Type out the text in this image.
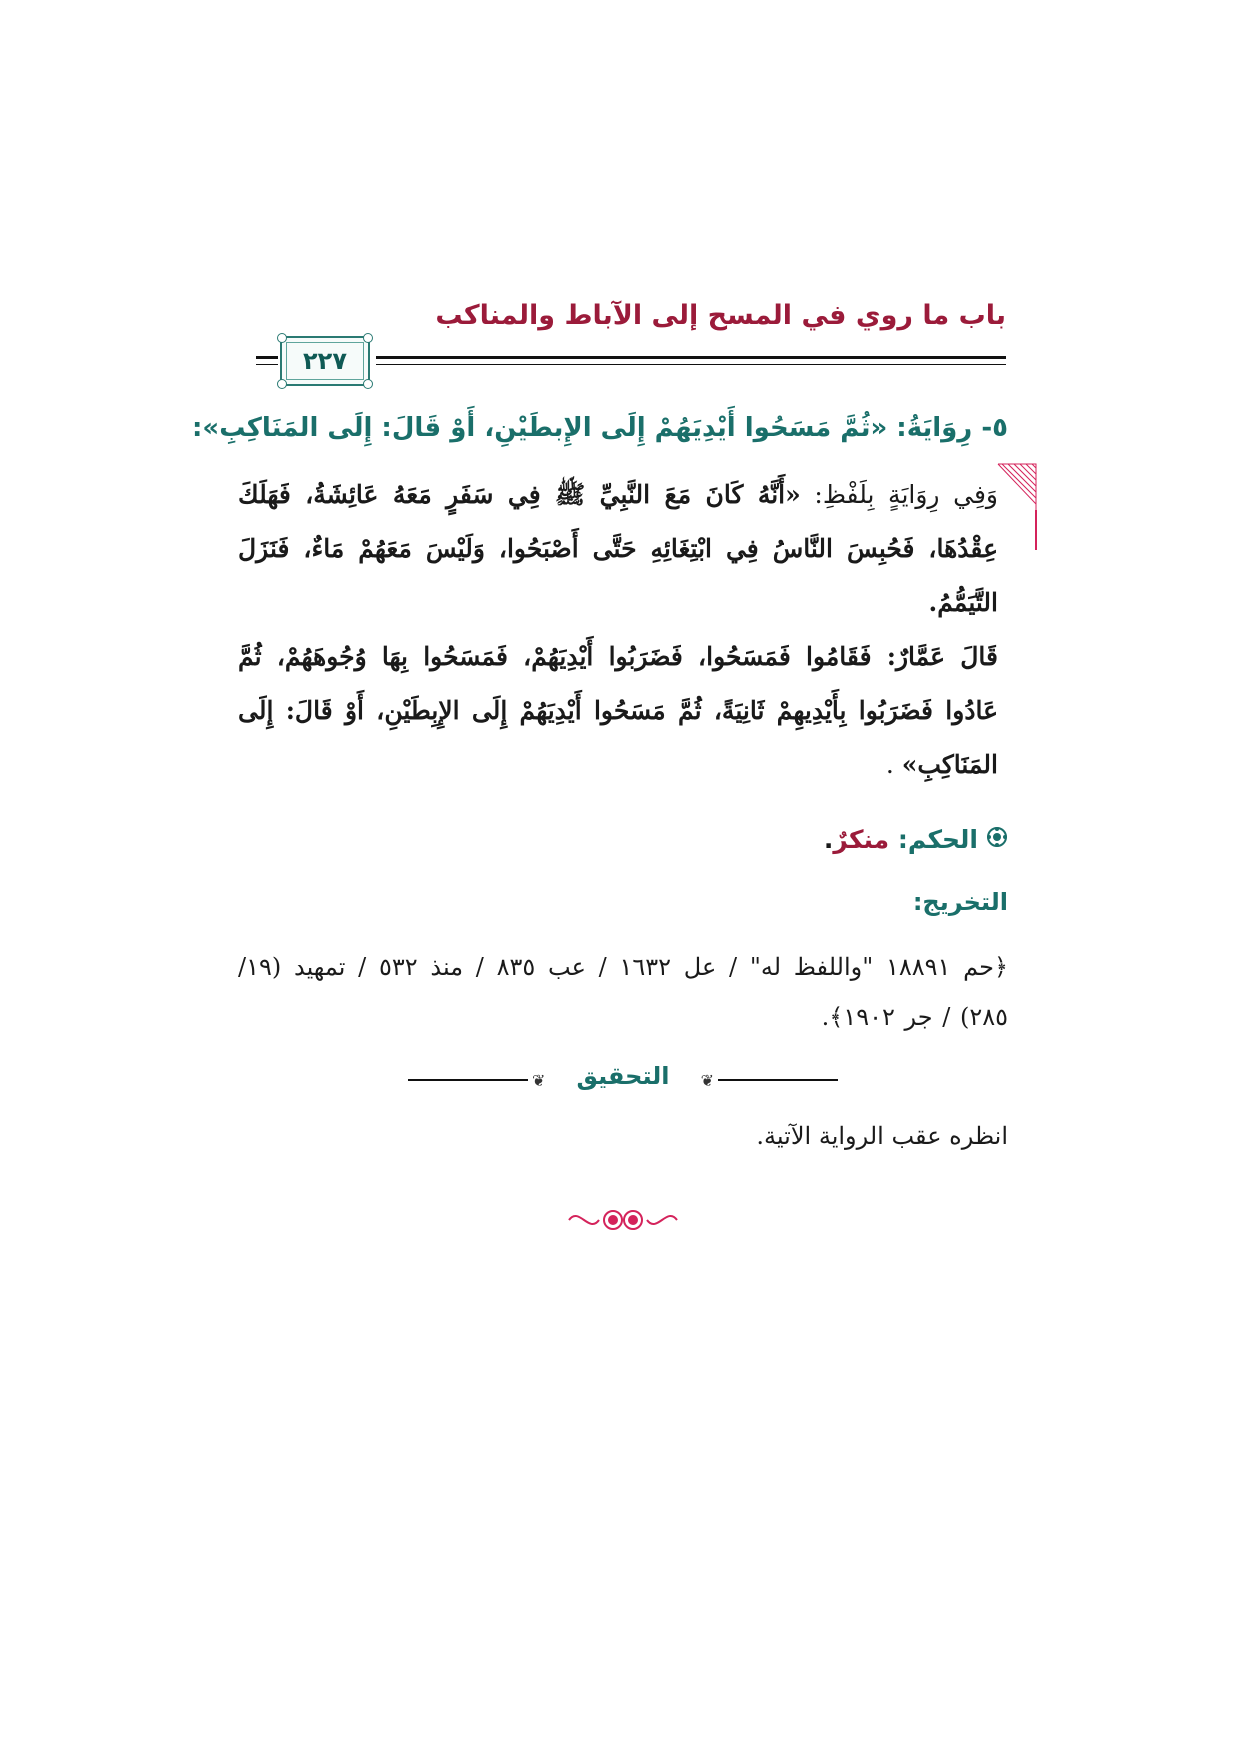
باب ما روي في المسح إلى الآباط والمناكب
٢٢٧
٥- رِوَايَةُ: «ثُمَّ مَسَحُوا أَيْدِيَهُمْ إِلَى الإِبطَيْنِ، أَوْ قَالَ: إِلَى المَنَاكِبِ»:

وَفِي رِوَايَةٍ بِلَفْظِ: «أَنَّهُ كَانَ مَعَ النَّبِيِّ ﷺ فِي سَفَرٍ مَعَهُ عَائِشَةُ، فَهَلَكَ عِقْدُهَا، فَحُبِسَ النَّاسُ فِي ابْتِغَائِهِ حَتَّى أَصْبَحُوا، وَلَيْسَ مَعَهُمْ مَاءٌ، فَنَزَلَ التَّيَمُّمُ.

قَالَ عَمَّارٌ: فَقَامُوا فَمَسَحُوا، فَضَرَبُوا أَيْدِيَهُمْ، فَمَسَحُوا بِهَا وُجُوهَهُمْ، ثُمَّ عَادُوا فَضَرَبُوا بِأَيْدِيهِمْ ثَانِيَةً، ثُمَّ مَسَحُوا أَيْدِيَهُمْ إِلَى الإِبِطَيْنِ، أَوْ قَالَ: إِلَى المَنَاكِبِ» .

الحكم: منكرٌ.
التخريج:
﴿حم ١٨٨٩١ "واللفظ له" / عل ١٦٣٢ / عب ٨٣٥ / منذ ٥٣٢ / تمهيد (١٩/ ٢٨٥) / جر ١٩٠٢﴾.
❦
التحقيق
❦
انظره عقب الرواية الآتية.
